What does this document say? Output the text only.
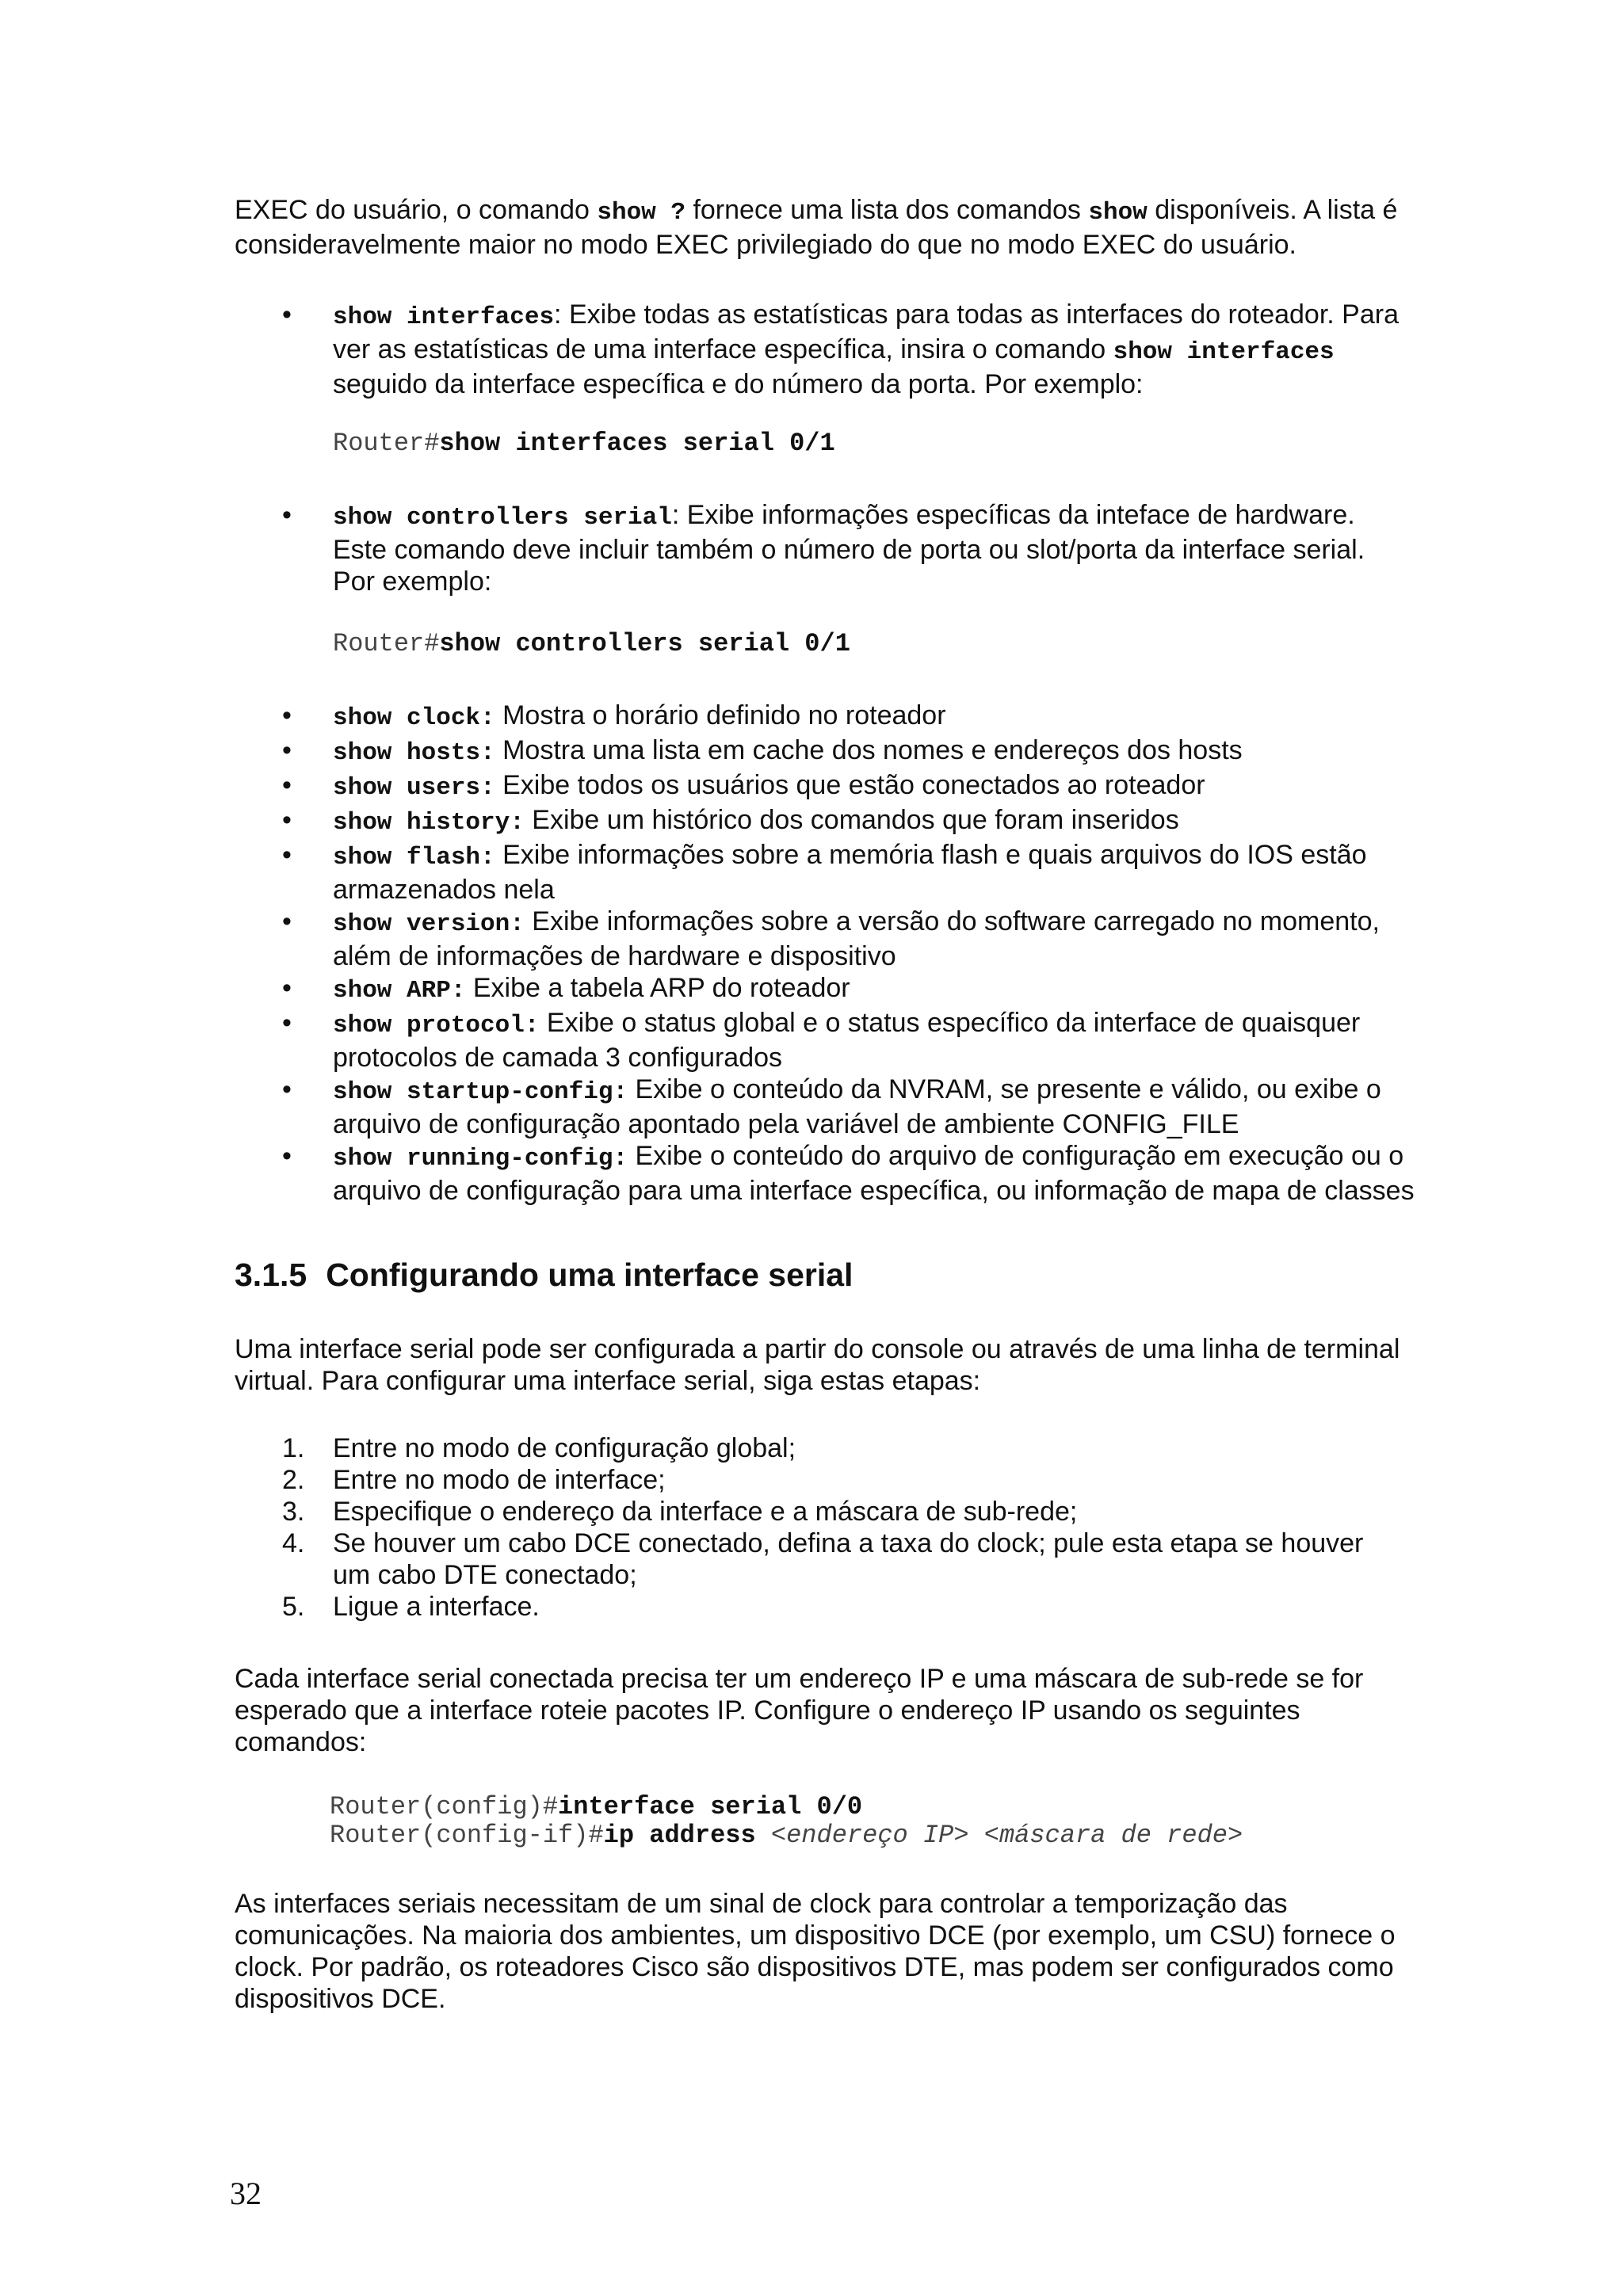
EXEC do usuário, o comando show ? fornece uma lista dos comandos show disponíveis. A lista é consideravelmente maior no modo EXEC privilegiado do que no modo EXEC do usuário.

• show interfaces: Exibe todas as estatísticas para todas as interfaces do roteador. Para ver as estatísticas de uma interface específica, insira o comando show interfaces seguido da interface específica e do número da porta. Por exemplo:
Router#show interfaces serial 0/1
• show controllers serial: Exibe informações específicas da inteface de hardware. Este comando deve incluir também o número de porta ou slot/porta da interface serial. Por exemplo:
Router#show controllers serial 0/1
• show clock: Mostra o horário definido no roteador
• show hosts: Mostra uma lista em cache dos nomes e endereços dos hosts
• show users: Exibe todos os usuários que estão conectados ao roteador
• show history: Exibe um histórico dos comandos que foram inseridos
• show flash: Exibe informações sobre a memória flash e quais arquivos do IOS estão armazenados nela
• show version: Exibe informações sobre a versão do software carregado no momento, além de informações de hardware e dispositivo
• show ARP: Exibe a tabela ARP do roteador
• show protocol: Exibe o status global e o status específico da interface de quaisquer protocolos de camada 3 configurados
• show startup-config: Exibe o conteúdo da NVRAM, se presente e válido, ou exibe o arquivo de configuração apontado pela variável de ambiente CONFIG_FILE
• show running-config: Exibe o conteúdo do arquivo de configuração em execução ou o arquivo de configuração para uma interface específica, ou informação de mapa de classes
3.1.5 Configurando uma interface serial

Uma interface serial pode ser configurada a partir do console ou através de uma linha de terminal virtual. Para configurar uma interface serial, siga estas etapas:

1. Entre no modo de configuração global;
2. Entre no modo de interface;
3. Especifique o endereço da interface e a máscara de sub-rede;
4. Se houver um cabo DCE conectado, defina a taxa do clock; pule esta etapa se houver um cabo DTE conectado;
5. Ligue a interface.

Cada interface serial conectada precisa ter um endereço IP e uma máscara de sub-rede se for esperado que a interface roteie pacotes IP. Configure o endereço IP usando os seguintes comandos:

Router(config)#interface serial 0/0
Router(config-if)#ip address <endereço IP> <máscara de rede>

As interfaces seriais necessitam de um sinal de clock para controlar a temporização das comunicações. Na maioria dos ambientes, um dispositivo DCE (por exemplo, um CSU) fornece o clock. Por padrão, os roteadores Cisco são dispositivos DTE, mas podem ser configurados como dispositivos DCE.

32
